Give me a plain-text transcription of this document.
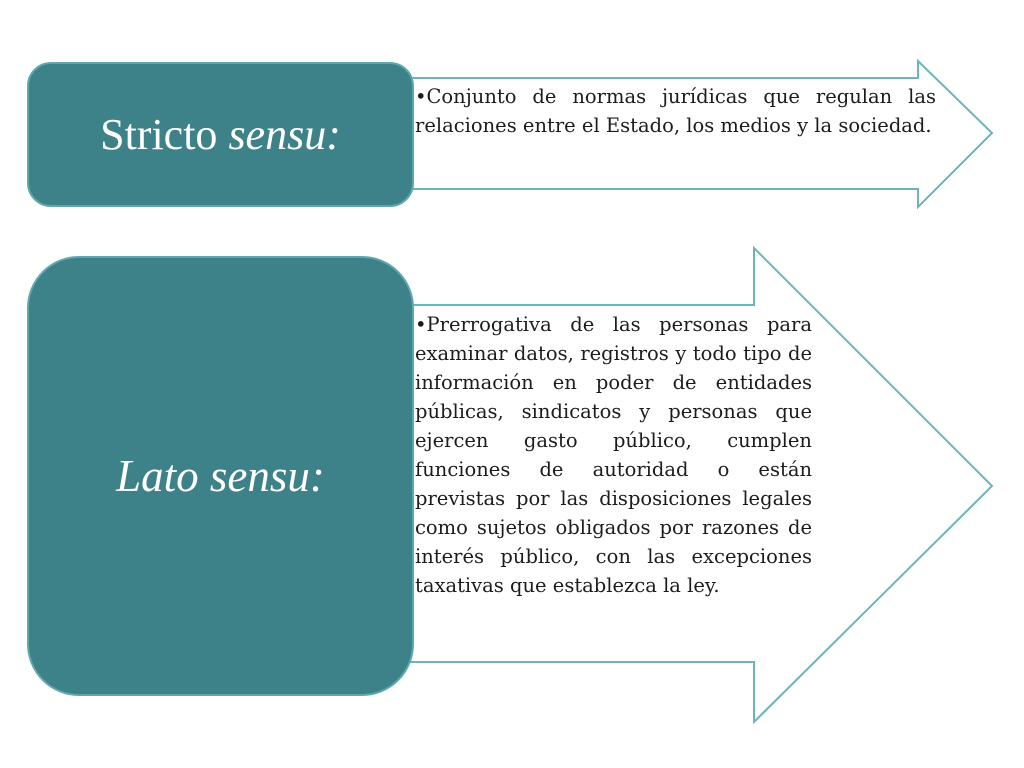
Stricto sensu:
•Conjunto de normas jurídicas que regulan las relaciones entre el Estado, los medios y la sociedad.
Lato sensu:
•Prerrogativa de las personas para examinar datos, registros y todo tipo de información en poder de entidades públicas, sindicatos y personas que ejercen gasto público, cumplen funciones de autoridad o están previstas por las disposiciones legales como sujetos obligados por razones de interés público, con las excepciones taxativas que establezca la ley.
